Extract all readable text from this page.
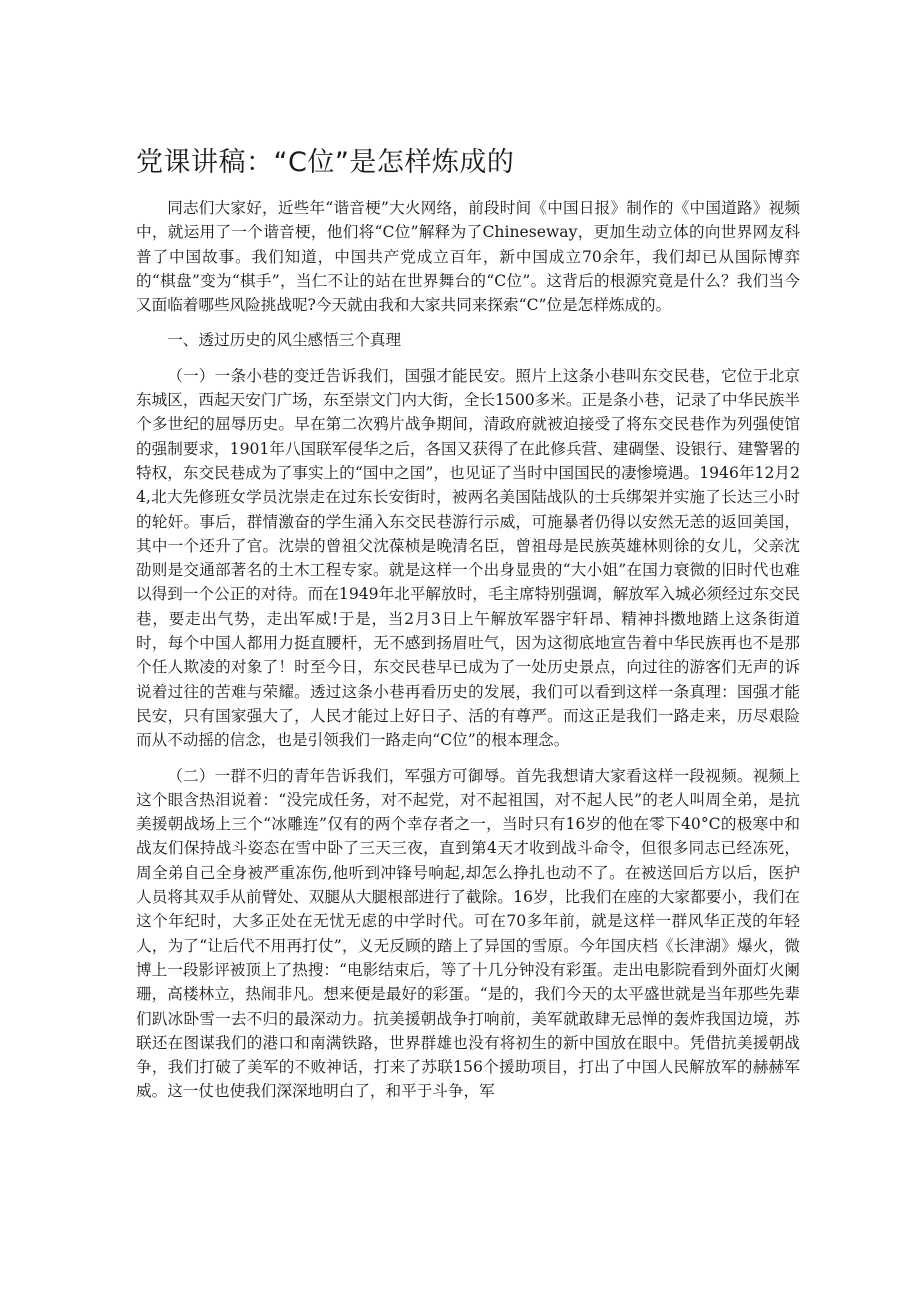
党课讲稿：“C位”是怎样炼成的

同志们大家好，近些年“谐音梗”大火网络，前段时间《中国日报》制作的《中国道路》视频中，就运用了一个谐音梗，他们将“C位”解释为了Chineseway，更加生动立体的向世界网友科普了中国故事。我们知道，中国共产党成立百年，新中国成立70余年，我们却已从国际博弈的“棋盘”变为“棋手”，当仁不让的站在世界舞台的“C位”。这背后的根源究竟是什么？我们当今又面临着哪些风险挑战呢?今天就由我和大家共同来探索“C”位是怎样炼成的。

一、透过历史的风尘感悟三个真理

（一）一条小巷的变迁告诉我们，国强才能民安。照片上这条小巷叫东交民巷，它位于北京东城区，西起天安门广场，东至崇文门内大街，全长1500多米。正是条小巷，记录了中华民族半个多世纪的屈辱历史。早在第二次鸦片战争期间，清政府就被迫接受了将东交民巷作为列强使馆的强制要求，1901年八国联军侵华之后，各国又获得了在此修兵营、建碉堡、设银行、建警署的特权，东交民巷成为了事实上的“国中之国”，也见证了当时中国国民的凄惨境遇。1946年12月24,北大先修班女学员沈崇走在过东长安街时，被两名美国陆战队的士兵绑架并实施了长达三小时的轮奸。事后，群情激奋的学生涌入东交民巷游行示威，可施暴者仍得以安然无恙的返回美国，其中一个还升了官。沈崇的曾祖父沈葆桢是晚清名臣，曾祖母是民族英雄林则徐的女儿，父亲沈劭则是交通部著名的土木工程专家。就是这样一个出身显贵的“大小姐”在国力衰微的旧时代也难以得到一个公正的对待。而在1949年北平解放时，毛主席特别强调，解放军入城必须经过东交民巷，要走出气势，走出军威!于是，当2月3日上午解放军器宇轩昂、精神抖擞地踏上这条街道时，每个中国人都用力挺直腰杆，无不感到扬眉吐气，因为这彻底地宣告着中华民族再也不是那个任人欺凌的对象了！时至今日，东交民巷早已成为了一处历史景点，向过往的游客们无声的诉说着过往的苦难与荣耀。透过这条小巷再看历史的发展，我们可以看到这样一条真理：国强才能民安，只有国家强大了，人民才能过上好日子、活的有尊严。而这正是我们一路走来，历尽艰险而从不动摇的信念，也是引领我们一路走向“C位”的根本理念。

（二）一群不归的青年告诉我们，军强方可御辱。首先我想请大家看这样一段视频。视频上这个眼含热泪说着：“没完成任务，对不起党，对不起祖国，对不起人民”的老人叫周全弟，是抗美援朝战场上三个“冰雕连”仅有的两个幸存者之一，当时只有16岁的他在零下40°C的极寒中和战友们保持战斗姿态在雪中卧了三天三夜，直到第4天才收到战斗命令，但很多同志已经冻死，周全弟自己全身被严重冻伤,他听到冲锋号响起,却怎么挣扎也动不了。在被送回后方以后，医护人员将其双手从前臂处、双腿从大腿根部进行了截除。16岁，比我们在座的大家都要小，我们在这个年纪时，大多正处在无忧无虑的中学时代。可在70多年前，就是这样一群风华正茂的年轻人，为了“让后代不用再打仗”，义无反顾的踏上了异国的雪原。今年国庆档《长津湖》爆火，微博上一段影评被顶上了热搜：“电影结束后，等了十几分钟没有彩蛋。走出电影院看到外面灯火阑珊，高楼林立，热闹非凡。想来便是最好的彩蛋。“是的，我们今天的太平盛世就是当年那些先辈们趴冰卧雪一去不归的最深动力。抗美援朝战争打响前，美军就敢肆无忌惮的轰炸我国边境，苏联还在图谋我们的港口和南满铁路，世界群雄也没有将初生的新中国放在眼中。凭借抗美援朝战争，我们打破了美军的不败神话，打来了苏联156个援助项目，打出了中国人民解放军的赫赫军威。这一仗也使我们深深地明白了，和平于斗争，军
